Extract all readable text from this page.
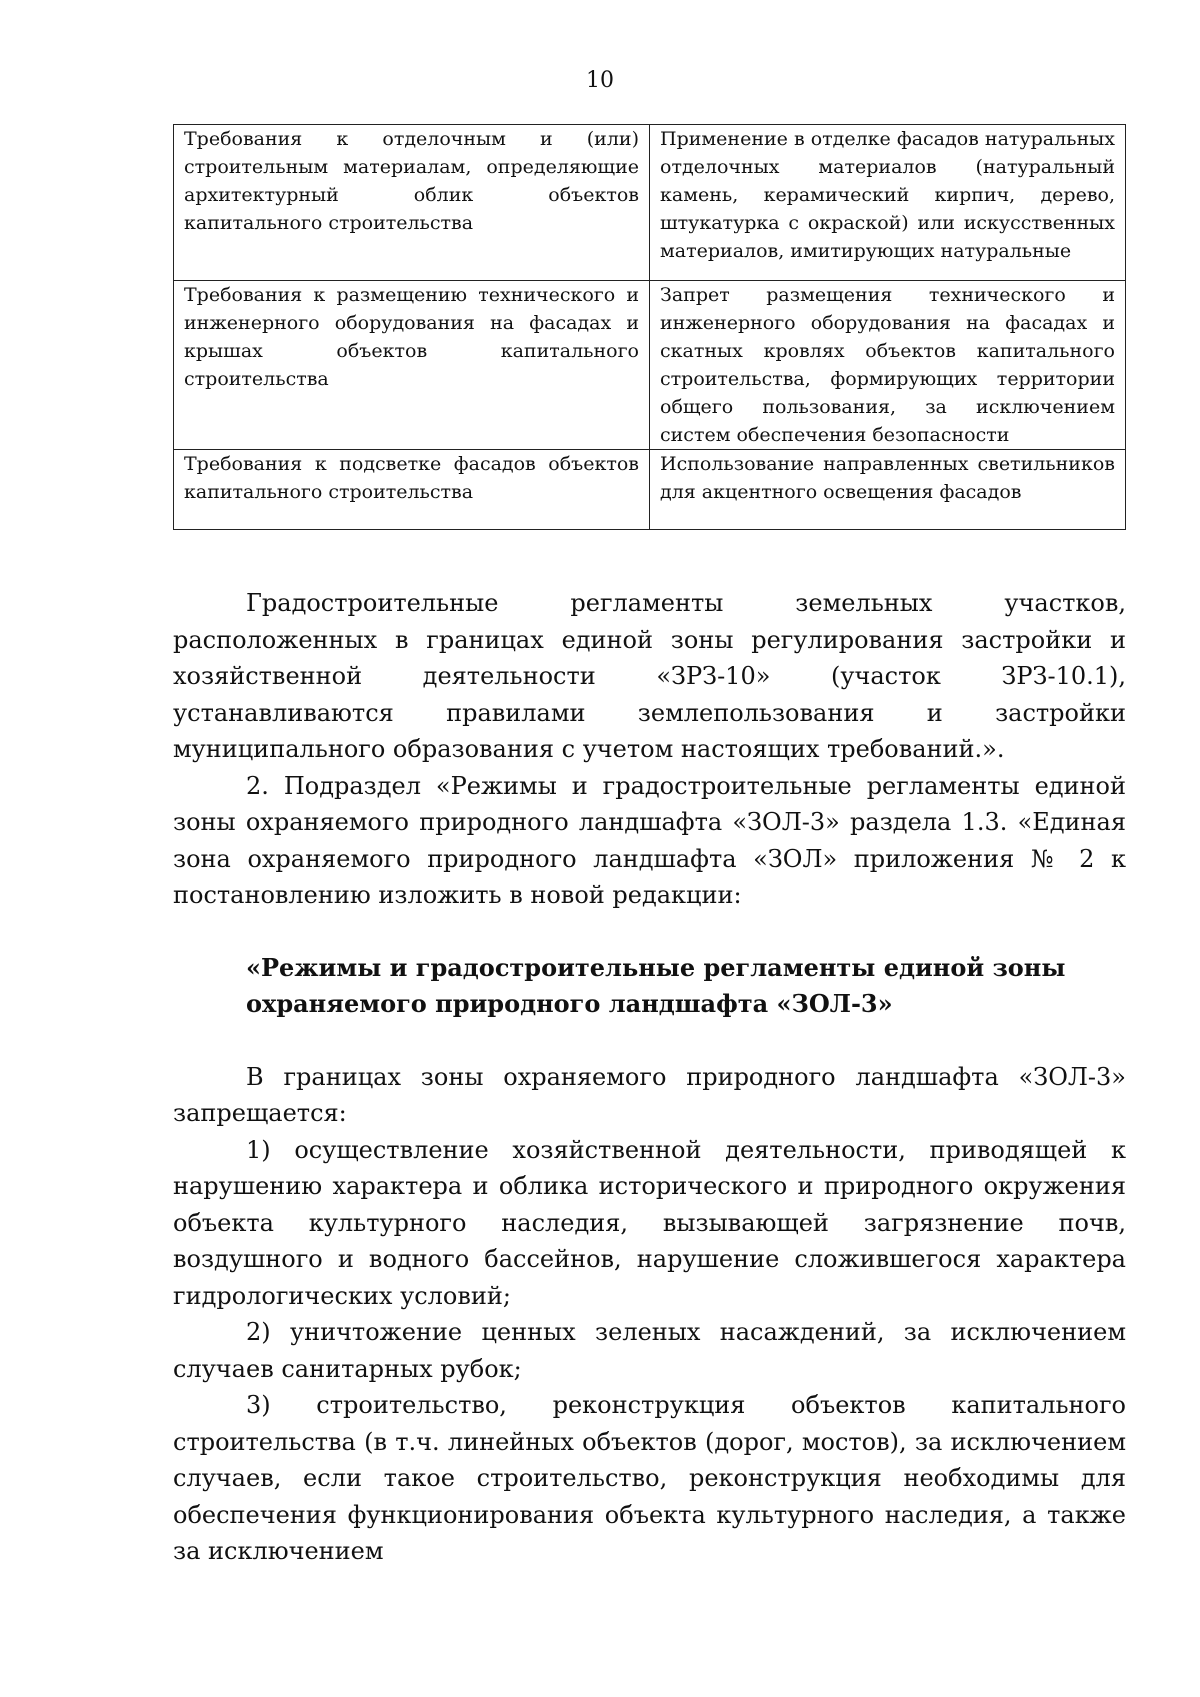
10
Требования к отделочным и (или) строительным материалам, определяющие архитектурный облик объектов капитального строительства	Применение в отделке фасадов натуральных отделочных материалов (натуральный камень, керамический кирпич, дерево, штукатурка с окраской) или искусственных материалов, имитирующих натуральные
Требования к размещению технического и инженерного оборудования на фасадах и крышах объектов капитального строительства	Запрет размещения технического и инженерного оборудования на фасадах и скатных кровлях объектов капитального строительства, формирующих территории общего пользования, за исключением систем обеспечения безопасности
Требования к подсветке фасадов объектов капитального строительства	Использование направленных светильников для акцентного освещения фасадов

Градостроительные регламенты земельных участков, расположенных в границах единой зоны регулирования застройки и хозяйственной деятельности «ЗРЗ-10» (участок ЗРЗ-10.1), устанавливаются правилами землепользования и застройки муниципального образования с учетом настоящих требований.».

2. Подраздел «Режимы и градостроительные регламенты единой зоны охраняемого природного ландшафта «ЗОЛ-3» раздела 1.3. «Единая зона охраняемого природного ландшафта «ЗОЛ» приложения № 2 к постановлению изложить в новой редакции:

«Режимы и градостроительные регламенты единой зоны

охраняемого природного ландшафта «ЗОЛ-3»

В границах зоны охраняемого природного ландшафта «ЗОЛ-3» запрещается:

1) осуществление хозяйственной деятельности, приводящей к нарушению характера и облика исторического и природного окружения объекта культурного наследия, вызывающей загрязнение почв, воздушного и водного бассейнов, нарушение сложившегося характера гидрологических условий;

2) уничтожение ценных зеленых насаждений, за исключением случаев санитарных рубок;

3) строительство, реконструкция объектов капитального строительства (в т.ч. линейных объектов (дорог, мостов), за исключением случаев, если такое строительство, реконструкция необходимы для обеспечения функционирования объекта культурного наследия, а также за исключением
